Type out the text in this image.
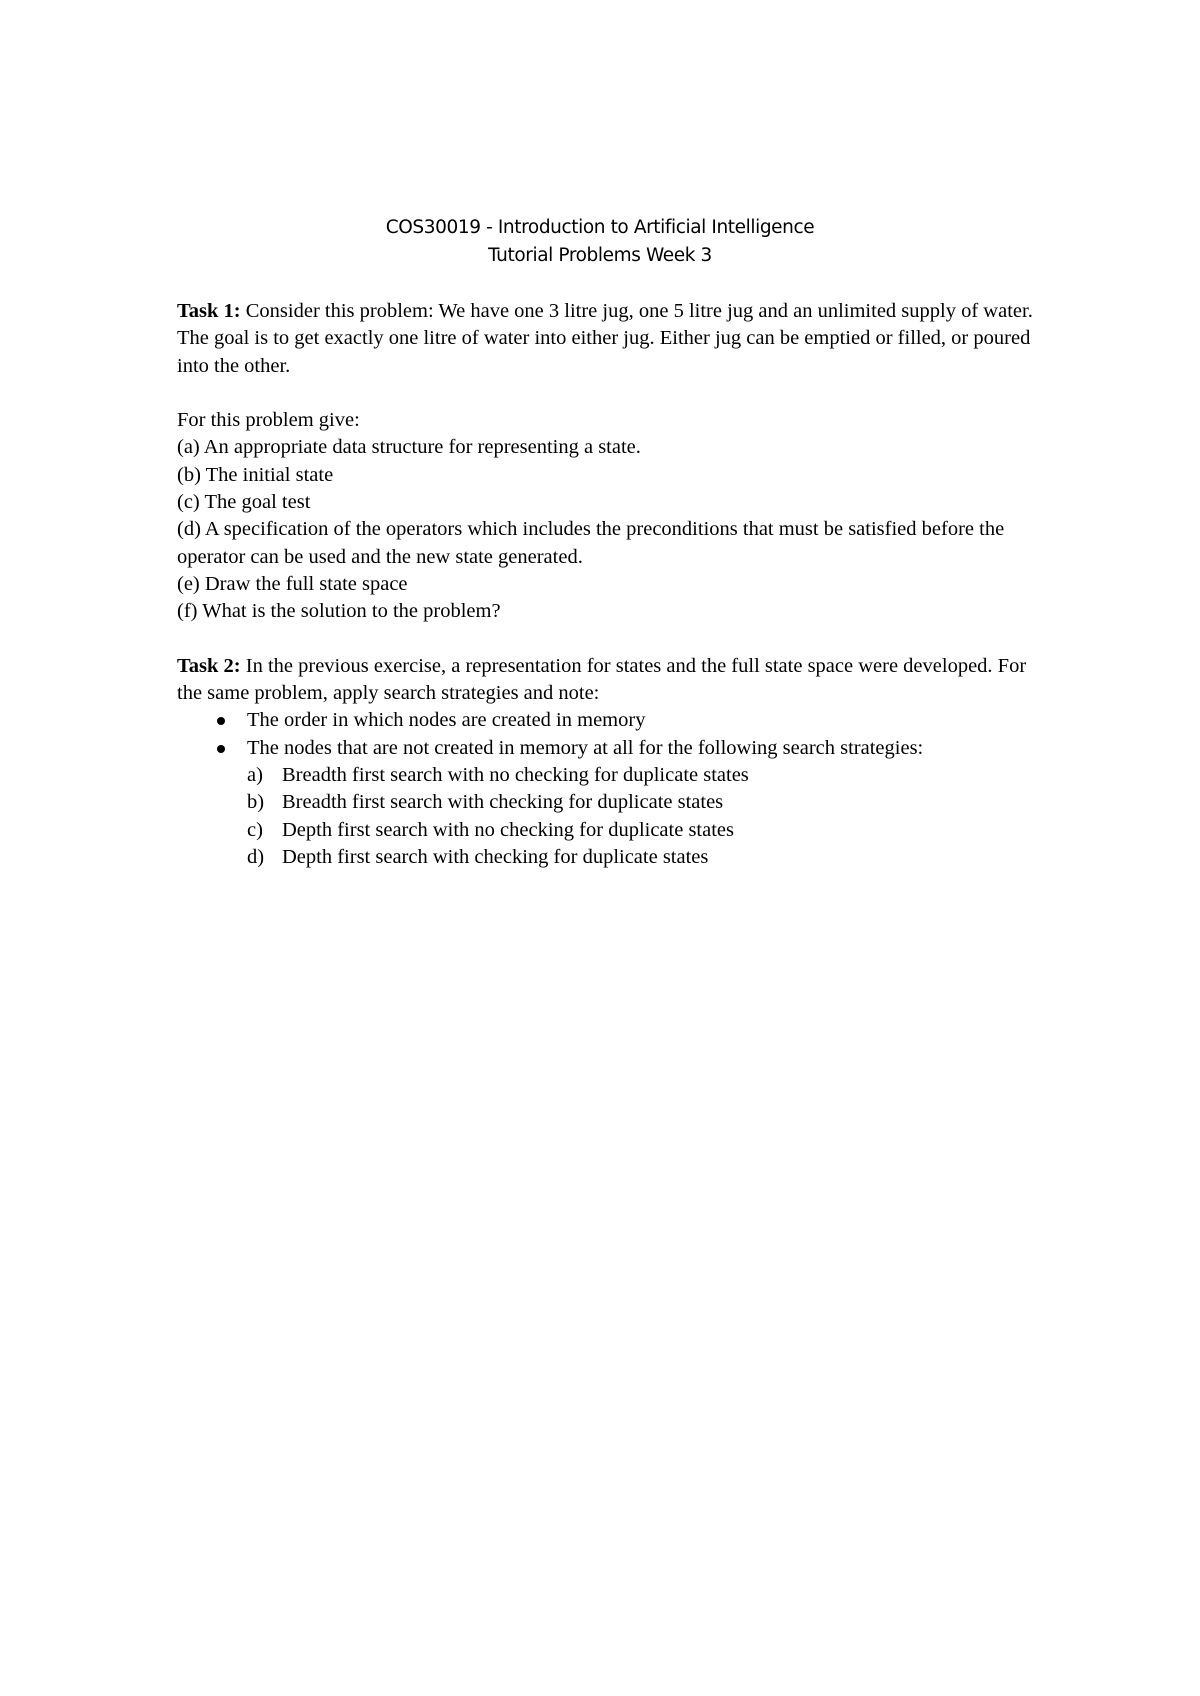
COS30019 - Introduction to Artificial Intelligence
Tutorial Problems Week 3

Task 1: Consider this problem: We have one 3 litre jug, one 5 litre jug and an unlimited supply of water. The goal is to get exactly one litre of water into either jug. Either jug can be emptied or filled, or poured into the other.

For this problem give:

(a) An appropriate data structure for representing a state.

(b) The initial state

(c) The goal test

(d) A specification of the operators which includes the preconditions that must be satisfied before the operator can be used and the new state generated.

(e) Draw the full state space

(f) What is the solution to the problem?

Task 2: In the previous exercise, a representation for states and the full state space were developed. For the same problem, apply search strategies and note:

The order in which nodes are created in memory
The nodes that are not created in memory at all for the following search strategies:
a) Breadth first search with no checking for duplicate states
b) Breadth first search with checking for duplicate states
c) Depth first search with no checking for duplicate states
d) Depth first search with checking for duplicate states
